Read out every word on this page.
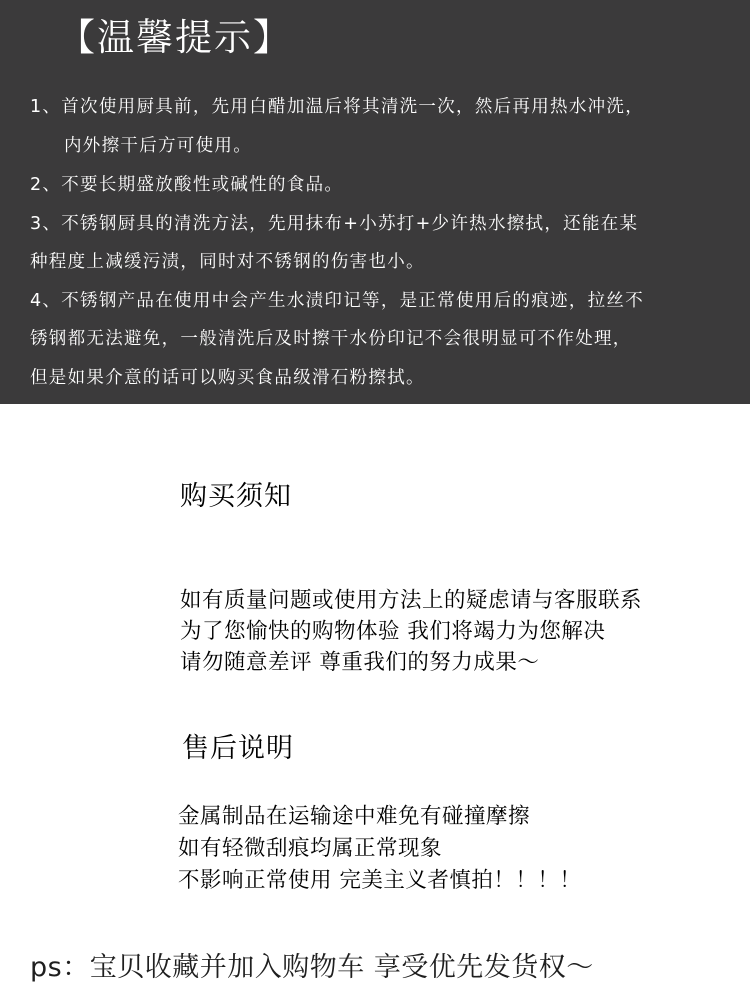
【温馨提示】
1、首次使用厨具前，先用白醋加温后将其清洗一次，然后再用热水冲洗，
内外擦干后方可使用。
2、不要长期盛放酸性或碱性的食品。
3、不锈钢厨具的清洗方法，先用抹布+小苏打+少许热水擦拭，还能在某
种程度上减缓污渍，同时对不锈钢的伤害也小。
4、不锈钢产品在使用中会产生水渍印记等，是正常使用后的痕迹，拉丝不
锈钢都无法避免，一般清洗后及时擦干水份印记不会很明显可不作处理，
但是如果介意的话可以购买食品级滑石粉擦拭。
购买须知
如有质量问题或使用方法上的疑虑请与客服联系
为了您愉快的购物体验 我们将竭力为您解决
请勿随意差评 尊重我们的努力成果～
售后说明
金属制品在运输途中难免有碰撞摩擦
如有轻微刮痕均属正常现象
不影响正常使用 完美主义者慎拍！！！！
ps：宝贝收藏并加入购物车 享受优先发货权～
